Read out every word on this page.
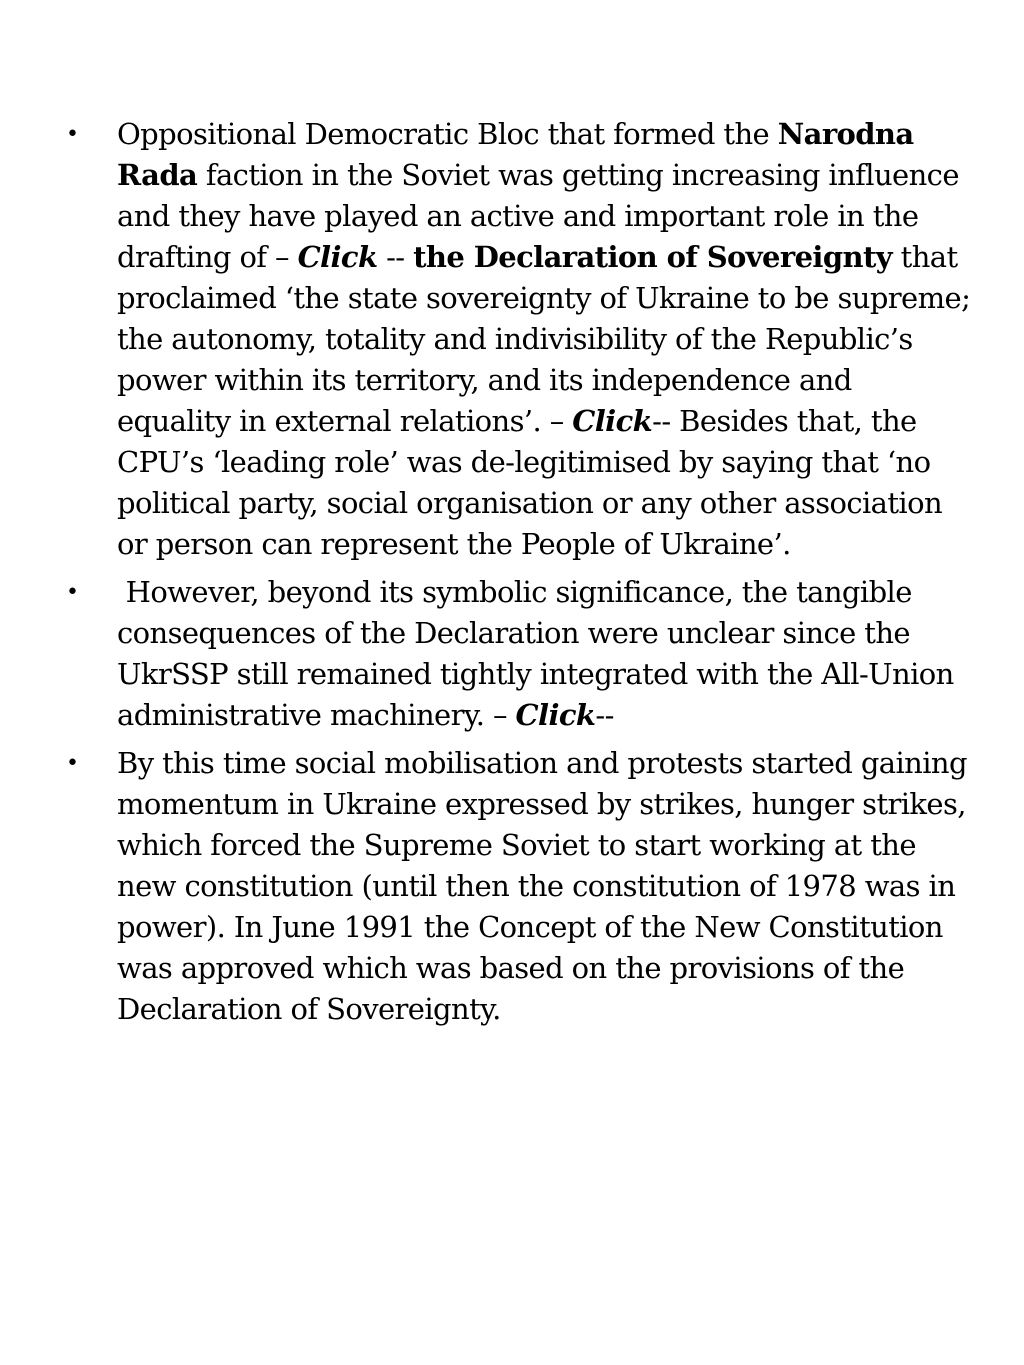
• Oppositional Democratic Bloc that formed the Narodna Rada faction in the Soviet was getting increasing influence and they have played an active and important role in the drafting of – Click -- the Declaration of Sovereignty that proclaimed ‘the state sovereignty of Ukraine to be supreme; the autonomy, totality and indivisibility of the Republic’s power within its territory, and its independence and equality in external relations’. – Click-- Besides that, the CPU’s ‘leading role’ was de-legitimised by saying that ‘no political party, social organisation or any other association or person can represent the People of Ukraine’.
• However, beyond its symbolic significance, the tangible consequences of the Declaration were unclear since the UkrSSP still remained tightly integrated with the All-Union administrative machinery. – Click--
• By this time social mobilisation and protests started gaining momentum in Ukraine expressed by strikes, hunger strikes, which forced the Supreme Soviet to start working at the new constitution (until then the constitution of 1978 was in power). In June 1991 the Concept of the New Constitution was approved which was based on the provisions of the Declaration of Sovereignty.
